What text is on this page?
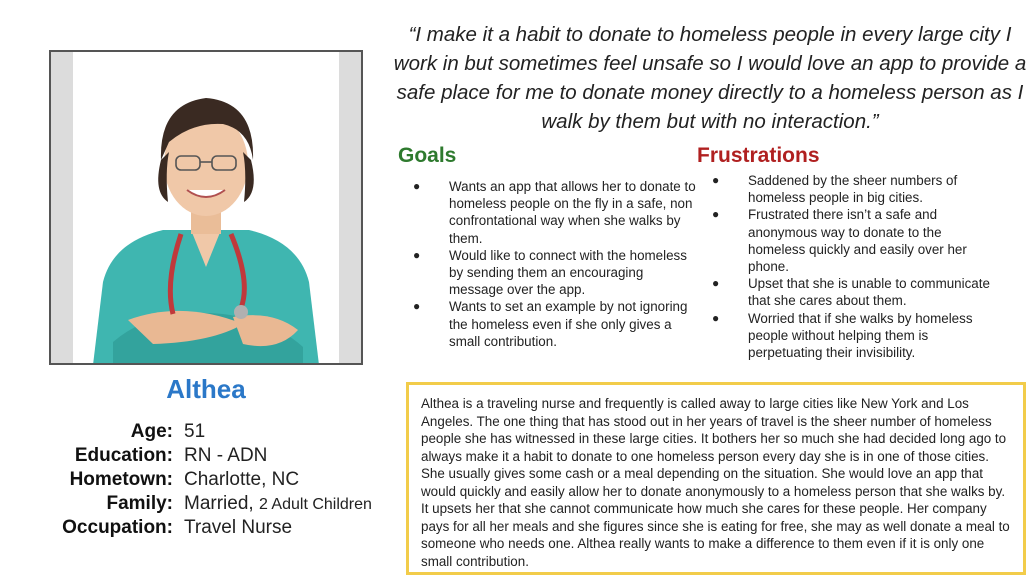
Althea
Age: 51
Education: RN - ADN
Hometown: Charlotte, NC
Family: Married, 2 Adult Children
Occupation: Travel Nurse
“I make it a habit to donate to homeless people in every large city I work in but sometimes feel unsafe so I would love an app to provide a safe place for me to donate money directly to a homeless person as I walk by them but with no interaction.”
Goals
● Wants an app that allows her to donate to homeless people on the fly in a safe, non confrontational way when she walks by them.
● Would like to connect with the homeless by sending them an encouraging message over the app.
● Wants to set an example by not ignoring the homeless even if she only gives a small contribution.
Frustrations
● Saddened by the sheer numbers of homeless people in big cities.
● Frustrated there isn’t a safe and anonymous way to donate to the homeless quickly and easily over her phone.
● Upset that she is unable to communicate that she cares about them.
● Worried that if she walks by homeless people without helping them is perpetuating their invisibility.
Althea is a traveling nurse and frequently is called away to large cities like New York and Los Angeles. The one thing that has stood out in her years of travel is the sheer number of homeless people she has witnessed in these large cities. It bothers her so much she had decided long ago to always make it a habit to donate to one homeless person every day she is in one of those cities. She usually gives some cash or a meal depending on the situation. She would love an app that would quickly and easily allow her to donate anonymously to a homeless person that she walks by. It upsets her that she cannot communicate how much she cares for these people. Her company pays for all her meals and she figures since she is eating for free, she may as well donate a meal to someone who needs one. Althea really wants to make a difference to them even if it is only one small contribution.
